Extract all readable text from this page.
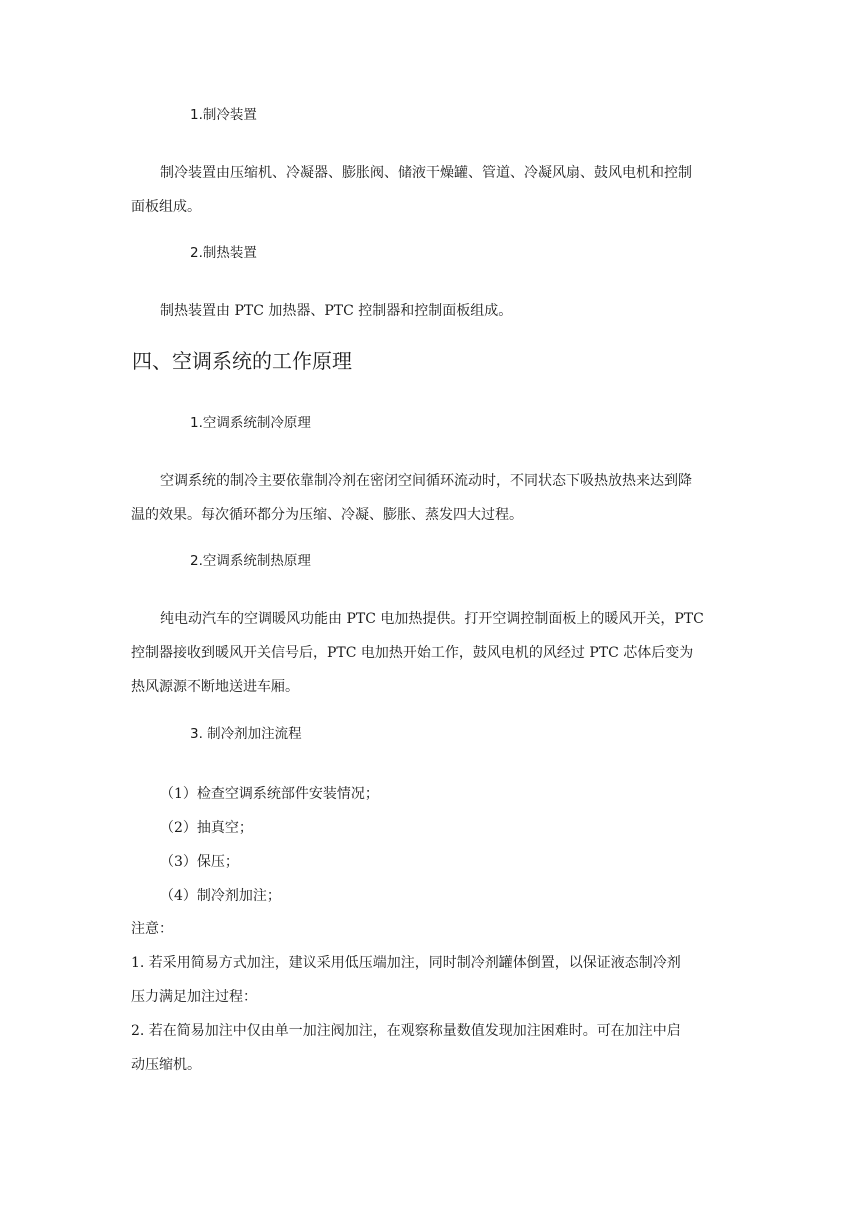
1.制冷装置
制冷装置由压缩机、冷凝器、膨胀阀、储液干燥罐、管道、冷凝风扇、鼓风电机和控制
面板组成。
2.制热装置
制热装置由 PTC 加热器、PTC 控制器和控制面板组成。
四、空调系统的工作原理
1.空调系统制冷原理
空调系统的制冷主要依靠制冷剂在密闭空间循环流动时，不同状态下吸热放热来达到降
温的效果。每次循环都分为压缩、冷凝、膨胀、蒸发四大过程。
2.空调系统制热原理
纯电动汽车的空调暖风功能由 PTC 电加热提供。打开空调控制面板上的暖风开关，PTC
控制器接收到暖风开关信号后，PTC 电加热开始工作，鼓风电机的风经过 PTC 芯体后变为
热风源源不断地送进车厢。
3. 制冷剂加注流程
（1）检查空调系统部件安装情况；
（2）抽真空；
（3）保压；
（4）制冷剂加注；
注意：
1. 若采用简易方式加注，建议采用低压端加注，同时制冷剂罐体倒置，以保证液态制冷剂
压力满足加注过程：
2. 若在简易加注中仅由单一加注阀加注，在观察称量数值发现加注困难时。可在加注中启
动压缩机。
